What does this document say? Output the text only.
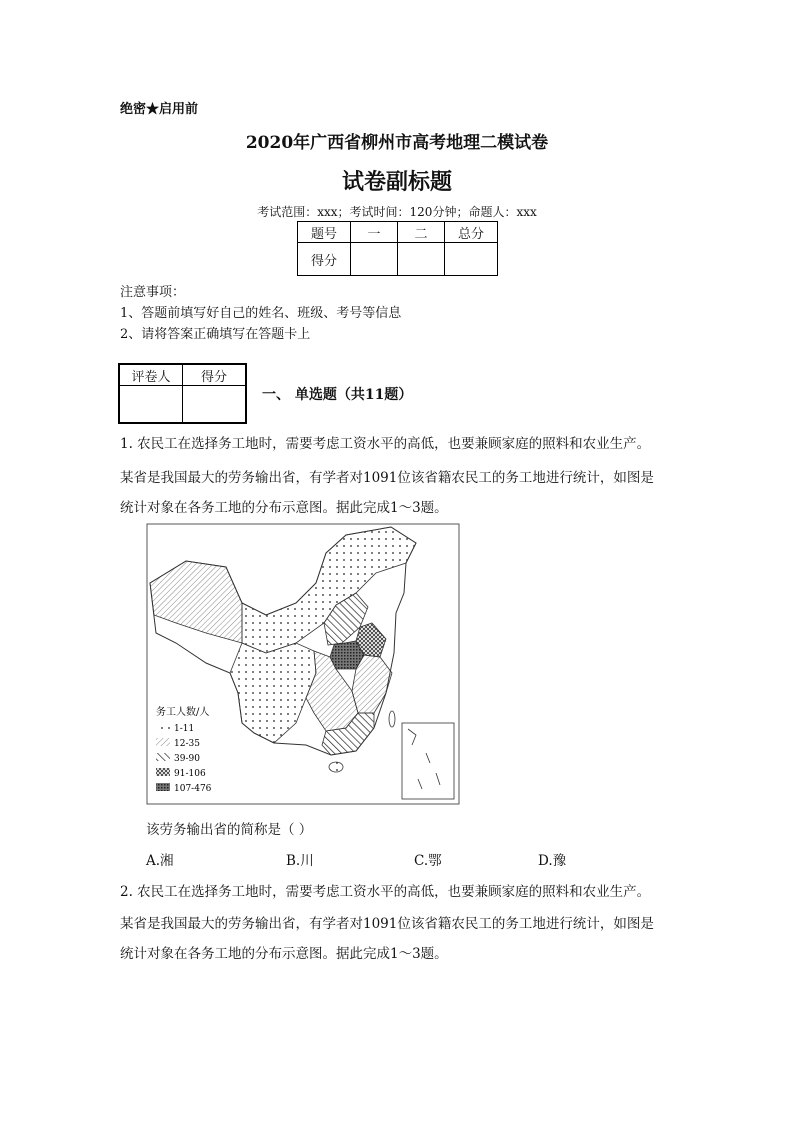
绝密★启用前
2020年广西省柳州市高考地理二模试卷
试卷副标题
考试范围：xxx；考试时间：120分钟；命题人：xxx
题号	一	二	总分
得分			
注意事项：
1、答题前填写好自己的姓名、班级、考号等信息
2、请将答案正确填写在答题卡上
评卷人	得分

一、 单选题（共11题）
1. 农民工在选择务工地时，需要考虑工资水平的高低，也要兼顾家庭的照料和农业生产。
某省是我国最大的劳务输出省，有学者对1091位该省籍农民工的务工地进行统计，如图是
统计对象在各务工地的分布示意图。据此完成1～3题。
务工人数/人
1-11
12-35
39-90
91-106
107-476
该劳务输出省的简称是（ ）
A.湘	B.川	C.鄂	D.豫
2. 农民工在选择务工地时，需要考虑工资水平的高低，也要兼顾家庭的照料和农业生产。
某省是我国最大的劳务输出省，有学者对1091位该省籍农民工的务工地进行统计，如图是
统计对象在各务工地的分布示意图。据此完成1～3题。
